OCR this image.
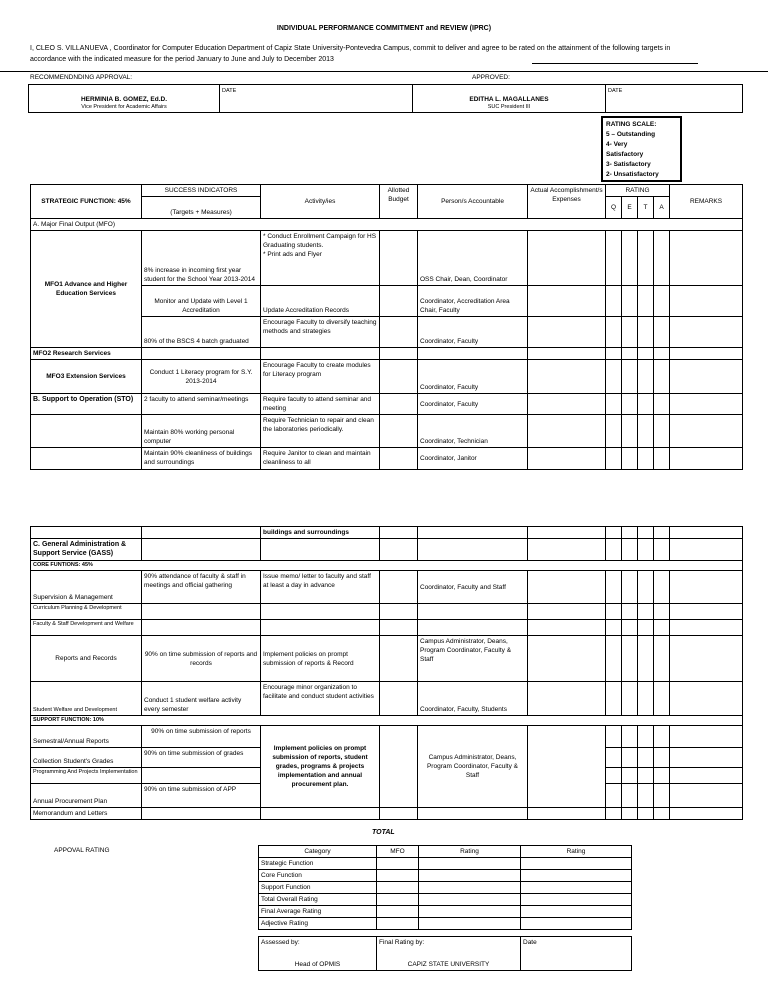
INDIVIDUAL PERFORMANCE COMMITMENT and REVIEW (IPRC)
I, CLEO S. VILLANUEVA , Coordinator for Computer Education Department of Capiz State University-Pontevedra Campus, commit to deliver and agree to be rated on the attainment of the following targets in
accordance with the indicated measure for the period January to June and July to December 2013
RECOMMENDNDING APPROVAL:	APPROVED:
HERMINIA B. GOMEZ, Ed.D.
Vice President for Academic Affairs
	DATE	
EDITHA L. MAGALLANES
SUC President III
	DATE
RATING SCALE:
5 – Outstanding
4- Very
Satisfactory
3- Satisfactory
2- Unsatisfactory
STRATEGIC FUNCTION: 45%	SUCCESS INDICATORS	Activity/ies	Allotted Budget	Person/s Accountable	Actual Accomplishment/s Expenses	RATING				REMARKS
	(Targets + Measures)					Q	E	T	A	
A. Major Final Output (MFO)										
MFO1 Advance and Higher Education Services	8% increase in incoming first year student for the School Year 2013-2014	* Conduct Enrollment Campaign for HS Graduating students.
* Print ads and Flyer		OSS Chair, Dean, Coordinator						
	Monitor and Update with Level 1 Accreditation	Update Accreditation Records		Coordinator, Accreditation Area Chair, Faculty						
	80% of the BSCS 4 batch graduated	Encourage Faculty to diversify teaching methods and strategies		Coordinator, Faculty						
MFO2 Research Services										
MFO3 Extension Services	Conduct 1 Literacy program for S.Y. 2013-2014	Encourage Faculty to create modules for Literacy program		Coordinator, Faculty						
B. Support to Operation (STO)	2 faculty to attend seminar/meetings	Require faculty to attend seminar and meeting		Coordinator, Faculty						
	Maintain 80% working personal computer	Require Technician to repair and clean the laboratories periodically.		Coordinator, Technician						
	Maintain 90% cleanliness of buildings and surroundings	Require Janitor to clean and maintain cleanliness to all		Coordinator, Janitor						
		buildings and surroundings								
C. General Administration & Support Service (GASS)										
CORE FUNTIONS: 45%										
Supervision & Management	90% attendance of faculty & staff in meetings and official gathering	Issue memo/ letter to faculty and staff at least a day in advance		Coordinator, Faculty and Staff						
Curriculum Planning & Development										
Faculty & Staff Development and Welfare										
Reports and Records	90% on time submission of reports and records	Implement policies on prompt submission of reports & Record		Campus Administrator, Deans, Program Coordinator, Faculty & Staff						
Student Welfare and Development	Conduct 1 student welfare activity every semester	Encourage minor organization to facilitate and conduct student activities		Coordinator, Faculty, Students						
SUPPORT FUNCTION: 10%										
Semestral/Annual Reports	90% on time submission of reports	Implement policies on prompt submission of reports, student grades, programs & projects implementation and annual procurement plan.		Campus Administrator, Deans, Program Coordinator, Faculty & Staff						
Collection Student's Grades	90% on time submission of grades									
Programming And Projects Implementation										
Annual Procurement Plan	90% on time submission of APP									
Memorandum and Letters										
TOTAL
APPOVAL RATING	Category	MFO	Rating	Rating
Strategic Function			
Core Function			
Support Function			
Total Overall Rating			
Final Average Rating			
Adjective Rating			
Assessed by:
Head of OPMIS

Final Rating by:
CAPIZ STATE UNIVERSITY

Date
